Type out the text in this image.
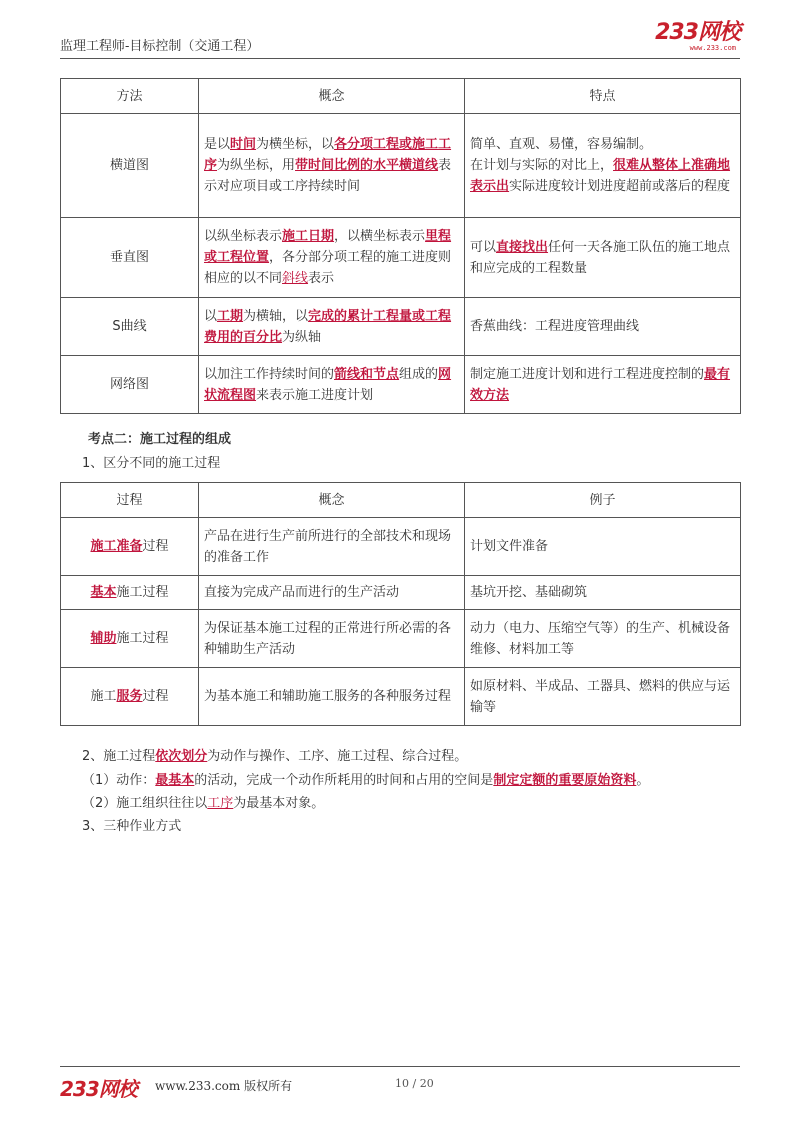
监理工程师-目标控制（交通工程）
233网校
www.233.com
方法	概念	特点
横道图	是以时间为横坐标，以各分项工程或施工工序为纵坐标，用带时间比例的水平横道线表示对应项目或工序持续时间	简单、直观、易懂，容易编制。
在计划与实际的对比上，很难从整体上准确地表示出实际进度较计划进度超前或落后的程度
垂直图	以纵坐标表示施工日期，以横坐标表示里程或工程位置，各分部分项工程的施工进度则相应的以不同斜线表示	可以直接找出任何一天各施工队伍的施工地点和应完成的工程数量
S曲线	以工期为横轴，以完成的累计工程量或工程费用的百分比为纵轴	香蕉曲线：工程进度管理曲线
网络图	以加注工作持续时间的箭线和节点组成的网状流程图来表示施工进度计划	制定施工进度计划和进行工程进度控制的最有效方法
考点二：施工过程的组成
1、区分不同的施工过程
过程	概念	例子
施工准备过程	产品在进行生产前所进行的全部技术和现场的准备工作	计划文件准备
基本施工过程	直接为完成产品而进行的生产活动	基坑开挖、基础砌筑
辅助施工过程	为保证基本施工过程的正常进行所必需的各种辅助生产活动	动力（电力、压缩空气等）的生产、机械设备维修、材料加工等
施工服务过程	为基本施工和辅助施工服务的各种服务过程	如原材料、半成品、工器具、燃料的供应与运输等
2、施工过程依次划分为动作与操作、工序、施工过程、综合过程。
（1）动作：最基本的活动，完成一个动作所耗用的时间和占用的空间是制定定额的重要原始资料。
（2）施工组织往往以工序为最基本对象。
3、三种作业方式
233网校 www.233.com 版权所有	10 / 20
